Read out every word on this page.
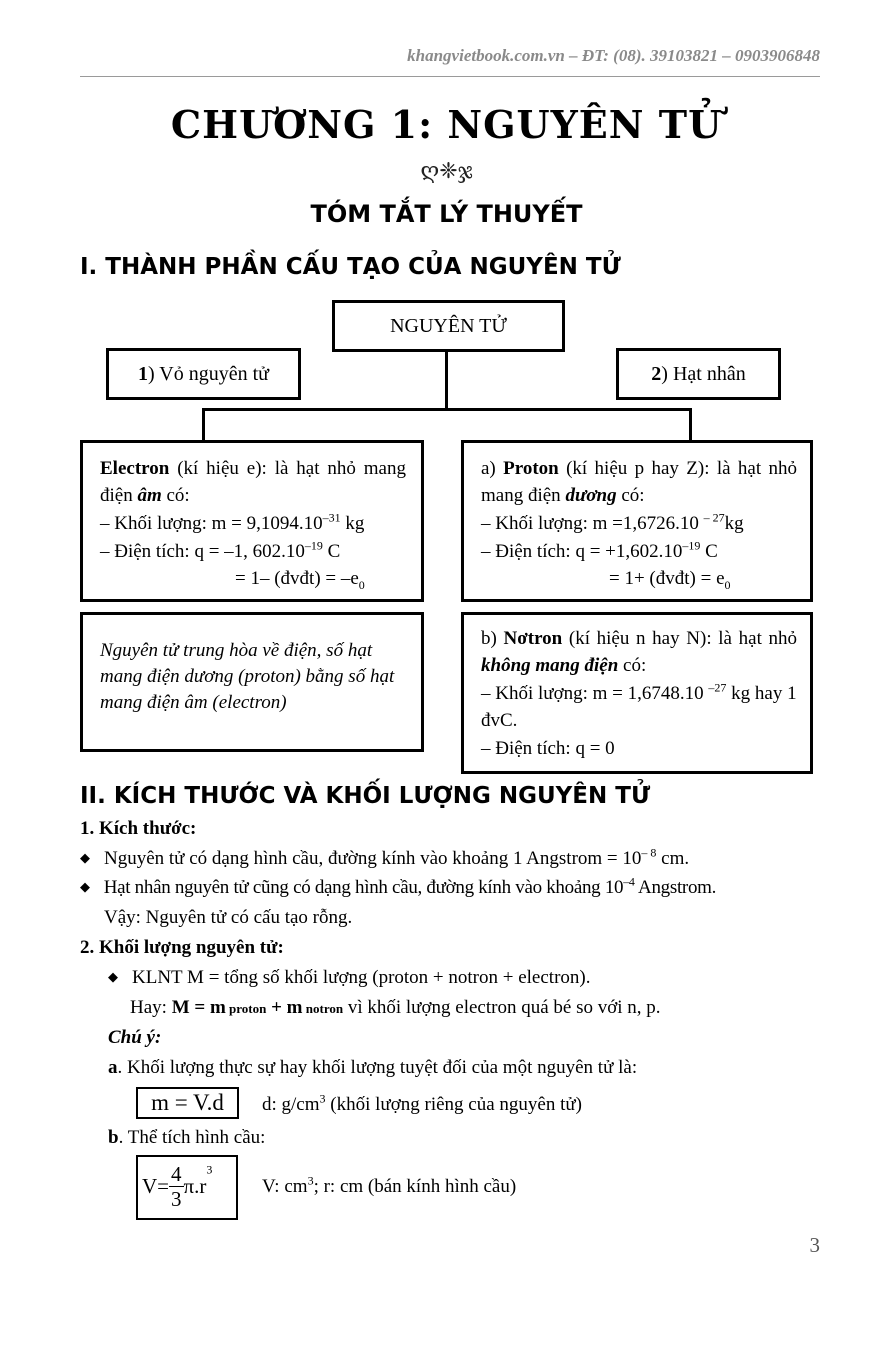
khangvietbook.com.vn – ĐT: (08). 39103821 – 0903906848
CHƯƠNG 1: NGUYÊN TỬ
ღ❈ჯ
TÓM TẮT LÝ THUYẾT
I. THÀNH PHẦN CẤU TẠO CỦA NGUYÊN TỬ
NGUYÊN TỬ
1) Vỏ nguyên tử	2) Hạt nhân
Electron (kí hiệu e): là hạt nhỏ mang điện âm có:
– Khối lượng: $m = 9,1094.10^{-31}$ kg
– Điện tích: q = –1, $602.10^{-19}$ C
= 1– (đvđt) = $-e_0$
a) Proton (kí hiệu p hay Z): là hạt nhỏ mang điện dương có:
– Khối lượng: m =1,6726.10 $^{- 27}$kg
– Điện tích: $q = +1,602.10^{-19}$ C
= 1+ (đvđt) = $e_0$
Nguyên tử trung hòa về điện, số hạt mang điện dương (proton) bằng số hạt mang điện âm (electron)
b) Nơtron (kí hiệu n hay N): là hạt nhỏ không mang điện có:
– Khối lượng: m = 1,6748.10 $^{-27}$ kg hay 1 đvC.
– Điện tích: q = 0
II. KÍCH THƯỚC VÀ KHỐI LƯỢNG NGUYÊN TỬ
1. Kích thước:
◆ Nguyên tử có dạng hình cầu, đường kính vào khoảng 1 Angstrom = $10^{- 8}$ cm.
◆ Hạt nhân nguyên tử cũng có dạng hình cầu, đường kính vào khoảng $10^{-4}$ Angstrom.
Vậy: Nguyên tử có cấu tạo rỗng.
2. Khối lượng nguyên tử:
◆ KLNT M = tổng số khối lượng (proton + notron + electron).
Hay: M = m proton + m notron vì khối lượng electron quá bé so với n, p.
Chú ý:
a. Khối lượng thực sự hay khối lượng tuyệt đối của một nguyên tử là:
m = V.d	d: $g/cm^3$ (khối lượng riêng của nguyên tử)
b. Thể tích hình cầu:
$V= \frac{4}{3} \pi.r^3$
V: $cm^3$; r: cm (bán kính hình cầu)
3
